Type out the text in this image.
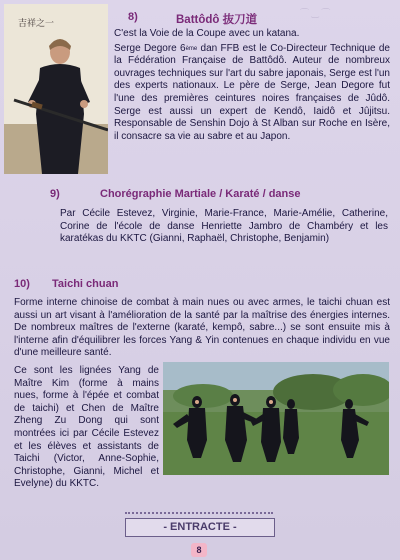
⌒ ‿ ⌒
吉祥之一
8)	Battôdô 抜刀道

C'est la Voie de la Coupe avec un katana.

Serge Degore 6ème dan FFB est le Co-Directeur Technique de la Fédération Française de Battôdô. Auteur de nombreux ouvrages techniques sur l'art du sabre japonais, Serge est l'un des experts nationaux. Le père de Serge, Jean Degore fut l'une des premières ceintures noires françaises de Jûdô. Serge est aussi un expert de Kendô, Iaidô et Jûjitsu. Responsable de Senshin Dojo à St Alban sur Roche en Isère, il consacre sa vie au sabre et au Japon.

9)	Chorégraphie Martiale / Karaté / danse
Par Cécile Estevez, Virginie, Marie-France, Marie-Amélie, Catherine, Corine de l'école de danse Henriette Jambro de Chambéry et les karatékas du KKTC (Gianni, Raphaël, Christophe, Benjamin)
10) Taichi chuan
Forme interne chinoise de combat à main nues ou avec armes, le taichi chuan est aussi un art visant à l'amélioration de la santé par la maîtrise des énergies internes. De nombreux maîtres de l'externe (karaté, kempô, sabre...) se sont ensuite mis à l'interne afin d'équilibrer les forces Yang & Yin contenues en chaque individu en vue d'une meilleure santé.
Ce sont les lignées Yang de Maître Kim (forme à mains nues, forme à l'épée et combat de taichi) et Chen de Maître Zheng Zu Dong qui sont montrées ici par Cécile Estevez et les élèves et assistants de Taichi (Victor, Anne-Sophie, Christophe, Gianni, Michel et Evelyne) du KKTC.
- ENTRACTE -
8
